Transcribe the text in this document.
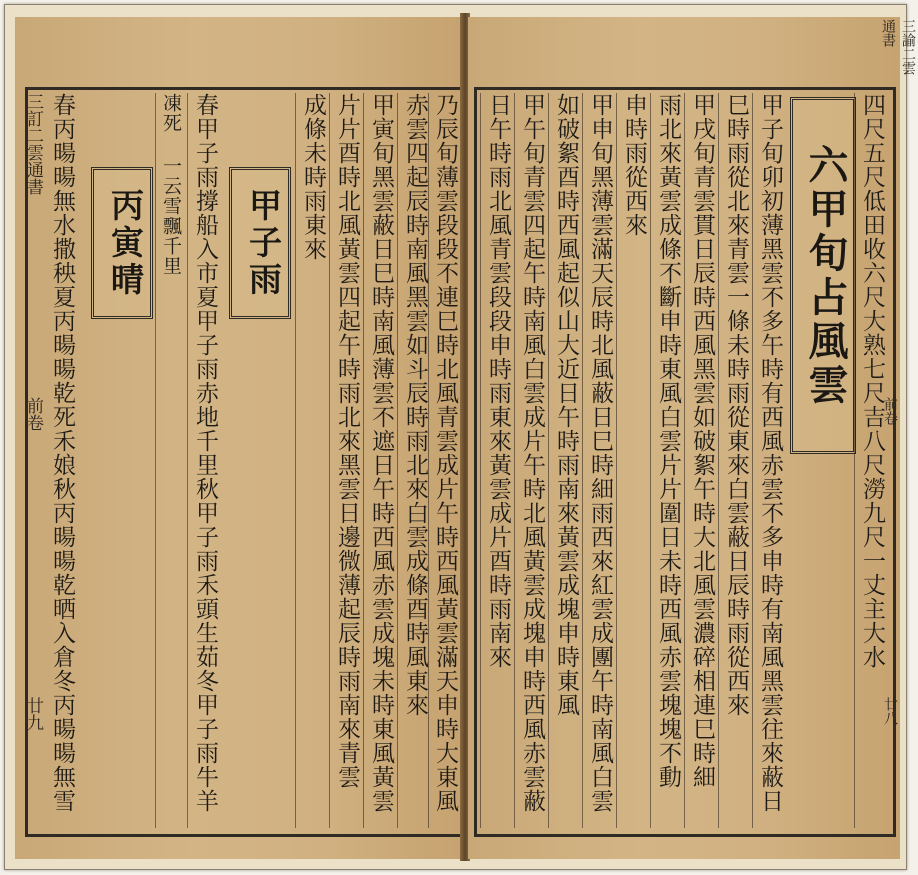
三訂二雲通書
前卷
廿九 春丙暘暘無水撒秧夏丙暘暘乾死禾娘秋丙暘暘乾晒入倉冬丙暘暘無雪 丙寅晴 凍死 一云雪飄千里 春甲子雨撐船入市夏甲子雨赤地千里秋甲子雨禾頭生茹冬甲子雨牛羊 甲子雨 成條未時雨東來 片片酉時北風黃雲四起午時雨北來黑雲日邊微薄起辰時雨南來青雲 甲寅旬黑雲蔽日巳時南風薄雲不遮日午時西風赤雲成塊未時東風黃雲 赤雲四起辰時南風黑雲如斗辰時雨北來白雲成條酉時風東來 乃辰旬薄雲段段不連巳時北風青雲成片午時西風黃雲滿天申時大東風 日午時雨北風青雲段段申時雨東來黃雲成片酉時雨南來 甲午旬青雲四起午時南風白雲成片午時北風黃雲成塊申時西風赤雲蔽 如破絮酉時西風起似山大近日午時雨南來黃雲成塊申時東風 甲申旬黑薄雲滿天辰時北風蔽日巳時細雨西來紅雲成團午時南風白雲 申時雨從西來 雨北來黃雲成條不斷申時東風白雲片片圍日未時西風赤雲塊塊不動 甲戌旬青雲貫日辰時西風黑雲如破絮午時大北風雲濃碎相連巳時細 巳時雨從北來青雲一條未時雨從東來白雲蔽日辰時雨從西來 甲子旬卯初薄黑雲不多午時有西風赤雲不多申時有南風黑雲往來蔽日 六甲旬占風雲 四尺五尺低田收六尺大熟七尺吉八尺澇九尺一丈主大水
三諭二雲通書
前卷
廿八
